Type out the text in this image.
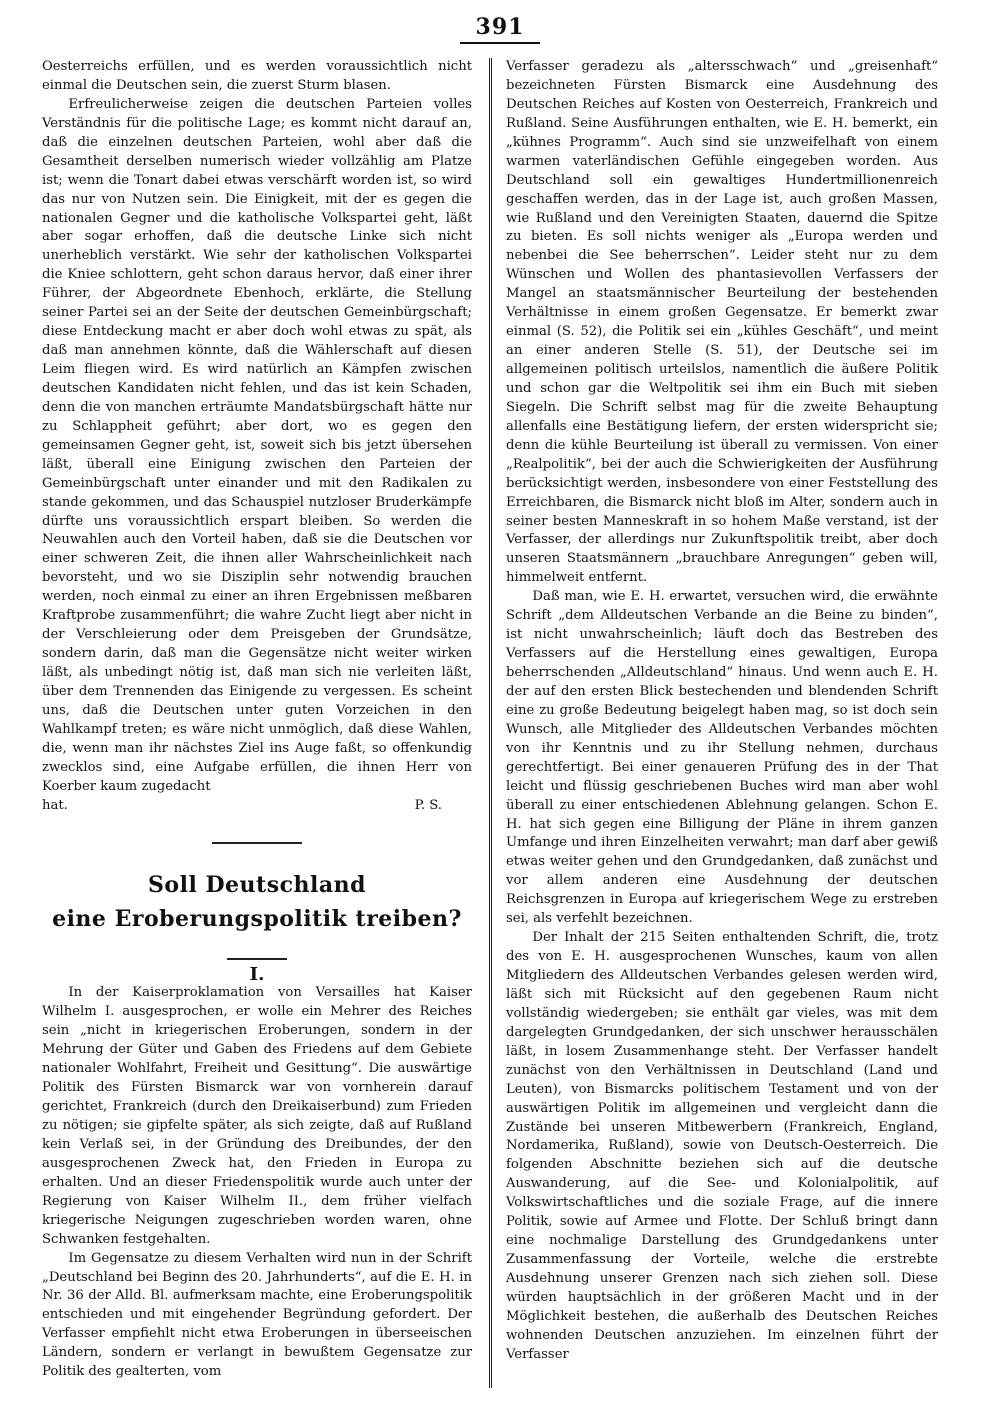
391

Oesterreichs erfüllen, und es werden voraussichtlich nicht einmal die Deutschen sein, die zuerst Sturm blasen.

Erfreulicherweise zeigen die deutschen Parteien volles Verständnis für die politische Lage; es kommt nicht darauf an, daß die einzelnen deutschen Parteien, wohl aber daß die Gesamtheit derselben numerisch wieder vollzählig am Platze ist; wenn die Tonart dabei etwas verschärft worden ist, so wird das nur von Nutzen sein. Die Einigkeit, mit der es gegen die nationalen Gegner und die katholische Volkspartei geht, läßt aber sogar erhoffen, daß die deutsche Linke sich nicht unerheblich verstärkt. Wie sehr der katholischen Volkspartei die Kniee schlottern, geht schon daraus hervor, daß einer ihrer Führer, der Abgeordnete Ebenhoch, erklärte, die Stellung seiner Partei sei an der Seite der deutschen Gemeinbürgschaft; diese Entdeckung macht er aber doch wohl etwas zu spät, als daß man annehmen könnte, daß die Wählerschaft auf diesen Leim fliegen wird. Es wird natürlich an Kämpfen zwischen deutschen Kandidaten nicht fehlen, und das ist kein Schaden, denn die von manchen erträumte Mandatsbürgschaft hätte nur zu Schlappheit geführt; aber dort, wo es gegen den gemeinsamen Gegner geht, ist, soweit sich bis jetzt übersehen läßt, überall eine Einigung zwischen den Parteien der Gemeinbürgschaft unter einander und mit den Radikalen zu stande gekommen, und das Schauspiel nutzloser Bruderkämpfe dürfte uns voraussichtlich erspart bleiben. So werden die Neuwahlen auch den Vorteil haben, daß sie die Deutschen vor einer schweren Zeit, die ihnen aller Wahrscheinlichkeit nach bevorsteht, und wo sie Disziplin sehr notwendig brauchen werden, noch einmal zu einer an ihren Ergebnissen meßbaren Kraftprobe zusammenführt; die wahre Zucht liegt aber nicht in der Verschleierung oder dem Preisgeben der Grundsätze, sondern darin, daß man die Gegensätze nicht weiter wirken läßt, als unbedingt nötig ist, daß man sich nie verleiten läßt, über dem Trennenden das Einigende zu vergessen. Es scheint uns, daß die Deutschen unter guten Vorzeichen in den Wahlkampf treten; es wäre nicht unmöglich, daß diese Wahlen, die, wenn man ihr nächstes Ziel ins Auge faßt, so offenkundig zwecklos sind, eine Aufgabe erfüllen, die ihnen Herr von Koerber kaum zugedacht

hat.	P. S.

Soll Deutschland

eine Eroberungspolitik treiben?

I.

In der Kaiserproklamation von Versailles hat Kaiser Wilhelm I. ausgesprochen, er wolle ein Mehrer des Reiches sein „nicht in kriegerischen Eroberungen, sondern in der Mehrung der Güter und Gaben des Friedens auf dem Gebiete nationaler Wohlfahrt, Freiheit und Gesittung“. Die auswärtige Politik des Fürsten Bismarck war von vornherein darauf gerichtet, Frankreich (durch den Dreikaiserbund) zum Frieden zu nötigen; sie gipfelte später, als sich zeigte, daß auf Rußland kein Verlaß sei, in der Gründung des Dreibundes, der den ausgesprochenen Zweck hat, den Frieden in Europa zu erhalten. Und an dieser Friedenspolitik wurde auch unter der Regierung von Kaiser Wilhelm II., dem früher vielfach kriegerische Neigungen zugeschrieben worden waren, ohne Schwanken festgehalten.

Im Gegensatze zu diesem Verhalten wird nun in der Schrift „Deutschland bei Beginn des 20. Jahrhunderts“, auf die E. H. in Nr. 36 der Alld. Bl. aufmerksam machte, eine Eroberungspolitik entschieden und mit eingehender Begründung gefordert. Der Verfasser empfiehlt nicht etwa Eroberungen in überseeischen Ländern, sondern er verlangt in bewußtem Gegensatze zur Politik des gealterten, vom

Verfasser geradezu als „altersschwach“ und „greisenhaft“ bezeichneten Fürsten Bismarck eine Ausdehnung des Deutschen Reiches auf Kosten von Oesterreich, Frankreich und Rußland. Seine Ausführungen enthalten, wie E. H. bemerkt, ein „kühnes Programm“. Auch sind sie unzweifelhaft von einem warmen vaterländischen Gefühle eingegeben worden. Aus Deutschland soll ein gewaltiges Hundertmillionenreich geschaffen werden, das in der Lage ist, auch großen Massen, wie Rußland und den Vereinigten Staaten, dauernd die Spitze zu bieten. Es soll nichts weniger als „Europa werden und nebenbei die See beherrschen“. Leider steht nur zu dem Wünschen und Wollen des phantasievollen Verfassers der Mangel an staatsmännischer Beurteilung der bestehenden Verhältnisse in einem großen Gegensatze. Er bemerkt zwar einmal (S. 52), die Politik sei ein „kühles Geschäft“, und meint an einer anderen Stelle (S. 51), der Deutsche sei im allgemeinen politisch urteilslos, namentlich die äußere Politik und schon gar die Weltpolitik sei ihm ein Buch mit sieben Siegeln. Die Schrift selbst mag für die zweite Behauptung allenfalls eine Bestätigung liefern, der ersten widerspricht sie; denn die kühle Beurteilung ist überall zu vermissen. Von einer „Realpolitik“, bei der auch die Schwierigkeiten der Ausführung berücksichtigt werden, insbesondere von einer Feststellung des Erreichbaren, die Bismarck nicht bloß im Alter, sondern auch in seiner besten Manneskraft in so hohem Maße verstand, ist der Verfasser, der allerdings nur Zukunftspolitik treibt, aber doch unseren Staatsmännern „brauchbare Anregungen“ geben will, himmelweit entfernt.

Daß man, wie E. H. erwartet, versuchen wird, die erwähnte Schrift „dem Alldeutschen Verbande an die Beine zu binden“, ist nicht unwahrscheinlich; läuft doch das Bestreben des Verfassers auf die Herstellung eines gewaltigen, Europa beherrschenden „Alldeutschland“ hinaus. Und wenn auch E. H. der auf den ersten Blick bestechenden und blendenden Schrift eine zu große Bedeutung beigelegt haben mag, so ist doch sein Wunsch, alle Mitglieder des Alldeutschen Verbandes möchten von ihr Kenntnis und zu ihr Stellung nehmen, durchaus gerechtfertigt. Bei einer genaueren Prüfung des in der That leicht und flüssig geschriebenen Buches wird man aber wohl überall zu einer entschiedenen Ablehnung gelangen. Schon E. H. hat sich gegen eine Billigung der Pläne in ihrem ganzen Umfange und ihren Einzelheiten verwahrt; man darf aber gewiß etwas weiter gehen und den Grundgedanken, daß zunächst und vor allem anderen eine Ausdehnung der deutschen Reichsgrenzen in Europa auf kriegerischem Wege zu erstreben sei, als verfehlt bezeichnen.

Der Inhalt der 215 Seiten enthaltenden Schrift, die, trotz des von E. H. ausgesprochenen Wunsches, kaum von allen Mitgliedern des Alldeutschen Verbandes gelesen werden wird, läßt sich mit Rücksicht auf den gegebenen Raum nicht vollständig wiedergeben; sie enthält gar vieles, was mit dem dargelegten Grundgedanken, der sich unschwer herausschälen läßt, in losem Zusammenhange steht. Der Verfasser handelt zunächst von den Verhältnissen in Deutschland (Land und Leuten), von Bismarcks politischem Testament und von der auswärtigen Politik im allgemeinen und vergleicht dann die Zustände bei unseren Mitbewerbern (Frankreich, England, Nordamerika, Rußland), sowie von Deutsch-Oesterreich. Die folgenden Abschnitte beziehen sich auf die deutsche Auswanderung, auf die See- und Kolonialpolitik, auf Volkswirtschaftliches und die soziale Frage, auf die innere Politik, sowie auf Armee und Flotte. Der Schluß bringt dann eine nochmalige Darstellung des Grundgedankens unter Zusammenfassung der Vorteile, welche die erstrebte Ausdehnung unserer Grenzen nach sich ziehen soll. Diese würden hauptsächlich in der größeren Macht und in der Möglichkeit bestehen, die außerhalb des Deutschen Reiches wohnenden Deutschen anzuziehen. Im einzelnen führt der Verfasser
